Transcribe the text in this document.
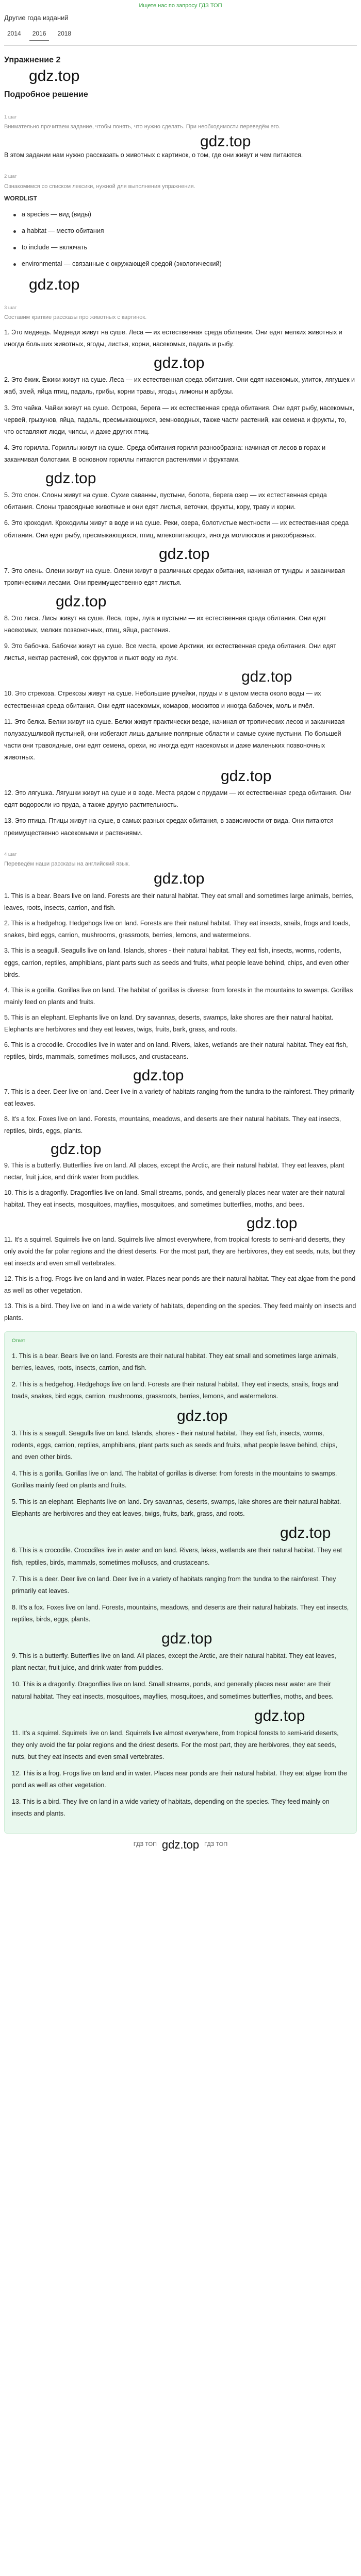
Ищете нас по запросу ГДЗ ТОП
Другие года изданий
2014	2016	2018
Упражнение 2
gdz.top
Подробное решение
1 шаг
Внимательно прочитаем задание, чтобы понять, что нужно сделать. При необходимости переведём его.
gdz.top

В этом задании нам нужно рассказать о животных с картинок, о том, где они живут и чем питаются.

2 шаг
Ознакомимся со списком лексики, нужной для выполнения упражнения.
WORDLIST
a species — вид (виды)
a habitat — место обитания
to include — включать
environmental — связанные с окружающей средой (экологический)
gdz.top
3 шаг
Составим краткие рассказы про животных с картинок.

1. Это медведь. Медведи живут на суше. Леса — их естественная среда обитания. Они едят мелких животных и иногда больших животных, ягоды, листья, корни, насекомых, падаль и рыбу.

gdz.top

2. Это ёжик. Ёжики живут на суше. Леса — их естественная среда обитания. Они едят насекомых, улиток, лягушек и жаб, змей, яйца птиц, падаль, грибы, корни травы, ягоды, лимоны и арбузы.

3. Это чайка. Чайки живут на суше. Острова, берега — их естественная среда обитания. Они едят рыбу, насекомых, червей, грызунов, яйца, падаль, пресмыкающихся, земноводных, также части растений, как семена и фрукты, то, что оставляют люди, чипсы, и даже других птиц.

4. Это горилла. Гориллы живут на суше. Среда обитания горилл разнообразна: начиная от лесов в горах и заканчивая болотами. В основном гориллы питаются растениями и фруктами.

gdz.top

5. Это слон. Слоны живут на суше. Сухие саванны, пустыни, болота, берега озер — их естественная среда обитания. Слоны травоядные животные и они едят листья, веточки, фрукты, кору, траву и корни.

6. Это крокодил. Крокодилы живут в воде и на суше. Реки, озера, болотистые местности — их естественная среда обитания. Они едят рыбу, пресмыкающихся, птиц, млекопитающих, иногда моллюсков и ракообразных.

gdz.top

7. Это олень. Олени живут на суше. Олени живут в различных средах обитания, начиная от тундры и заканчивая тропическими лесами. Они преимущественно едят листья.

gdz.top

8. Это лиса. Лисы живут на суше. Леса, горы, луга и пустыни — их естественная среда обитания. Они едят насекомых, мелких позвоночных, птиц, яйца, растения.

9. Это бабочка. Бабочки живут на суше. Все места, кроме Арктики, их естественная среда обитания. Они едят листья, нектар растений, сок фруктов и пьют воду из луж.

gdz.top

10. Это стрекоза. Стрекозы живут на суше. Небольшие ручейки, пруды и в целом места около воды — их естественная среда обитания. Они едят насекомых, комаров, москитов и иногда бабочек, моль и пчёл.

11. Это белка. Белки живут на суше. Белки живут практически везде, начиная от тропических лесов и заканчивая полузасушливой пустыней, они избегают лишь дальние полярные области и самые сухие пустыни. По большей части они травоядные, они едят семена, орехи, но иногда едят насекомых и даже маленьких позвоночных животных.

gdz.top

12. Это лягушка. Лягушки живут на суше и в воде. Места рядом с прудами — их естественная среда обитания. Они едят водоросли из пруда, а также другую растительность.

13. Это птица. Птицы живут на суше, в самых разных средах обитания, в зависимости от вида. Они питаются преимущественно насекомыми и растениями.

4 шаг
Переведём наши рассказы на английский язык.
gdz.top

1. This is a bear. Bears live on land. Forests are their natural habitat. They eat small and sometimes large animals, berries, leaves, roots, insects, carrion, and fish.

2. This is a hedgehog. Hedgehogs live on land. Forests are their natural habitat. They eat insects, snails, frogs and toads, snakes, bird eggs, carrion, mushrooms, grassroots, berries, lemons, and watermelons.

3. This is a seagull. Seagulls live on land. Islands, shores - their natural habitat. They eat fish, insects, worms, rodents, eggs, carrion, reptiles, amphibians, plant parts such as seeds and fruits, what people leave behind, chips, and even other birds.

4. This is a gorilla. Gorillas live on land. The habitat of gorillas is diverse: from forests in the mountains to swamps. Gorillas mainly feed on plants and fruits.

5. This is an elephant. Elephants live on land. Dry savannas, deserts, swamps, lake shores are their natural habitat. Elephants are herbivores and they eat leaves, twigs, fruits, bark, grass, and roots.

6. This is a crocodile. Crocodiles live in water and on land. Rivers, lakes, wetlands are their natural habitat. They eat fish, reptiles, birds, mammals, sometimes molluscs, and crustaceans.

gdz.top

7. This is a deer. Deer live on land. Deer live in a variety of habitats ranging from the tundra to the rainforest. They primarily eat leaves.

8. It's a fox. Foxes live on land. Forests, mountains, meadows, and deserts are their natural habitats. They eat insects, reptiles, birds, eggs, plants.

gdz.top

9. This is a butterfly. Butterflies live on land. All places, except the Arctic, are their natural habitat. They eat leaves, plant nectar, fruit juice, and drink water from puddles.

10. This is a dragonfly. Dragonflies live on land. Small streams, ponds, and generally places near water are their natural habitat. They eat insects, mosquitoes, mayflies, mosquitoes, and sometimes butterflies, moths, and bees.

gdz.top

11. It's a squirrel. Squirrels live on land. Squirrels live almost everywhere, from tropical forests to semi-arid deserts, they only avoid the far polar regions and the driest deserts. For the most part, they are herbivores, they eat seeds, nuts, but they eat insects and even small vertebrates.

12. This is a frog. Frogs live on land and in water. Places near ponds are their natural habitat. They eat algae from the pond as well as other vegetation.

13. This is a bird. They live on land in a wide variety of habitats, depending on the species. They feed mainly on insects and plants.

Ответ

1. This is a bear. Bears live on land. Forests are their natural habitat. They eat small and sometimes large animals, berries, leaves, roots, insects, carrion, and fish.

2. This is a hedgehog. Hedgehogs live on land. Forests are their natural habitat. They eat insects, snails, frogs and toads, snakes, bird eggs, carrion, mushrooms, grassroots, berries, lemons, and watermelons.

gdz.top

3. This is a seagull. Seagulls live on land. Islands, shores - their natural habitat. They eat fish, insects, worms, rodents, eggs, carrion, reptiles, amphibians, plant parts such as seeds and fruits, what people leave behind, chips, and even other birds.

4. This is a gorilla. Gorillas live on land. The habitat of gorillas is diverse: from forests in the mountains to swamps. Gorillas mainly feed on plants and fruits.

5. This is an elephant. Elephants live on land. Dry savannas, deserts, swamps, lake shores are their natural habitat. Elephants are herbivores and they eat leaves, twigs, fruits, bark, grass, and roots.

gdz.top

6. This is a crocodile. Crocodiles live in water and on land. Rivers, lakes, wetlands are their natural habitat. They eat fish, reptiles, birds, mammals, sometimes molluscs, and crustaceans.

7. This is a deer. Deer live on land. Deer live in a variety of habitats ranging from the tundra to the rainforest. They primarily eat leaves.

8. It's a fox. Foxes live on land. Forests, mountains, meadows, and deserts are their natural habitats. They eat insects, reptiles, birds, eggs, plants.

gdz.top

9. This is a butterfly. Butterflies live on land. All places, except the Arctic, are their natural habitat. They eat leaves, plant nectar, fruit juice, and drink water from puddles.

10. This is a dragonfly. Dragonflies live on land. Small streams, ponds, and generally places near water are their natural habitat. They eat insects, mosquitoes, mayflies, mosquitoes, and sometimes butterflies, moths, and bees.

gdz.top

11. It's a squirrel. Squirrels live on land. Squirrels live almost everywhere, from tropical forests to semi-arid deserts, they only avoid the far polar regions and the driest deserts. For the most part, they are herbivores, they eat seeds, nuts, but they eat insects and even small vertebrates.

12. This is a frog. Frogs live on land and in water. Places near ponds are their natural habitat. They eat algae from the pond as well as other vegetation.

13. This is a bird. They live on land in a wide variety of habitats, depending on the species. They feed mainly on insects and plants.

ГДЗ ТОП gdz.top ГДЗ ТОП
